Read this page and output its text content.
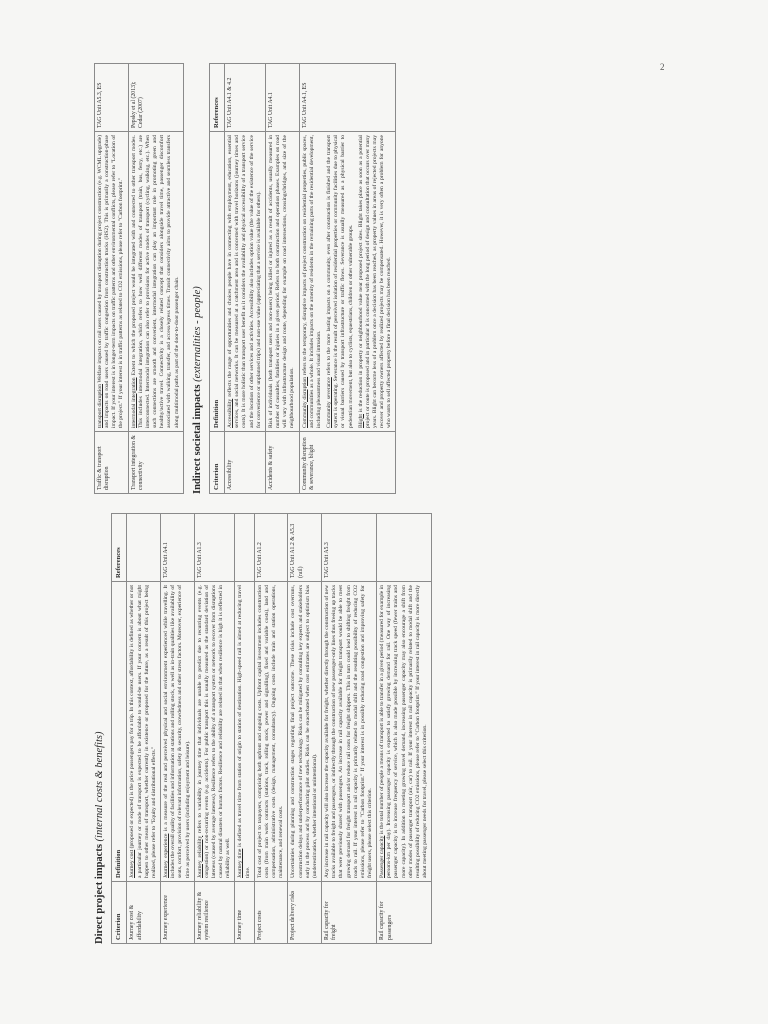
2
Direct project impacts (internal costs & benefits)
Criterion	Definition	References
Journey cost & affordability	Journey cost (proposed or expected) is the price passengers pay for a trip. In this context, affordability is defined as whether or not a particular journey or mode of transport is expected to be affordable to would-be users. If your concern is about what might happen to other means of transport, whether currently in existence or proposed for the future, as a result of this project being realized, please refer to "Equity and distributional effects."	
Journey experience	Journey experience is a measure of the real and perceived physical and social environment experienced while travelling. It includes the overall quality of facilities and information at stations and rolling stock, as well as in-train qualities like availability of seats, comfort, provision of relevant information, safety & security, crowdedness and other stress factors. Moreover, experience of time as perceived by users (including enjoyment and leisure).	TAG Unit A4.1
Journey reliability & system resilience	Journey reliability refers to variability in journey time that individuals are unable to predict due to recurring events (e.g. congestion) or non-recurring events (e.g. accidents). For public transport this is usually measured as the standard deviation of lateness (caused by average lateness). Resilience refers to the ability of a transport system or network to recover from disruptions caused by natural disasters or human factors. Resilience and reliability are related in that when resilience is high it is reflected in reliability as well.	TAG Unit A1.3
Journey time	Journey time is defined as travel time from station of origin to station of destination. High-speed rail is aimed at reducing travel time.	
Project costs	Total cost of project to taxpayers, comprising both upfront and ongoing costs. Upfront capital investment includes construction costs (from main work contracts (stations, track, rolling stock, power and signalling), fixed and variable costs), land and compensation, administrative costs (design, management, consultancy). Ongoing costs include train and station operations, maintenance, and renewal costs.	TAG Unit A1.2
Project delivery risks	Uncertainties during planning and construction stages regarding final project outcome. These risks include cost overruns, construction delays and underperformance of new technology. Risks can be mitigated by consulting key experts and stakeholders early in the process and by conducting pilot studies. Risks can be exacerbated when cost estimates are subject to optimism bias (underestimation, whether intentional or unintentional).	TAG Unit A1.2 & A5.3 (rail)
Rail capacity for freight	Any increase in rail capacity will also increase the capacity available for freight, whether directly through the construction of new tracks available to freight and passengers, or indirectly through the construction of new passenger-only lines thus freeing up tracks that were previously shared with passengers. An increase in rail capacity available for freight transport would be able to meet growing demand for freight transport and/or reduce rail costs for freight shippers. This in turn could lead to shifting freight from roads to rail. If your interest in rail capacity is primarily related to modal shift and the resulting possibility of reducing CO2 emissions, please refer to "Carbon footprint." If your interest is in possibly reducing road congestion and improving safety for freight users, please select this criterion.	TAG Unit A5.3
Rail capacity for passengers	Passenger capacity is the total number of people a means of transport is able to transfer in a given period (measured for example in persons-km per day). Increasing passenger capacity is expected to satisfy growing demand for rail. One way of increasing passenger capacity is to increase frequency of service, which is also made possible by increasing track speed (fewer trains and more capacity). In addition to meeting growing travel demand, increasing passenger capacity may also encourage a shift from other modes of passenger transport (air, car) to rail. If your interest in rail capacity is primarily related to modal shift and the resulting possibility of reducing CO2 emissions, please refer to "Carbon footprint." If your interest in rail capacity is more directly about meeting passenger needs for travel, please select this criterion.	
Traffic & transport disruption	transport disruption Welfare impacts on rail users caused by transport disruption during project construction (e.g. WCML upgrade) and impacts on road users caused by traffic congestion from construction trucks (HS2). This is primarily a construction-phase impact. If your interest is in longer-term impacts on traffic patterns and other environmental conflicts, please refer to "Location of the project." If your interest is in traffic patterns as related to CO2 emissions, please refer to "Carbon footprint."	TAG Unit A5.3, ES
Transport integration & connectivity	intermodal integration Extent to which the proposed project would be integrated with and connected to other transport modes. This includes intermodal integration, which refers to how well different modes of transport (train, bus, ferry, etc.) are interconnected. Intermodal integration can also refer to provisions for active modes of transport (cycling, walking, etc.). When such connections are smooth and convenient, intermodal integration can play an important role in promoting green and healthy/active travel. Connectivity is a closely related concept that considers alongside travel time, passenger discomfort associated with walking, transfer, and access/egress times. Transit connectivity aims to provide attractive and seamless transfers along multimodal paths as part of the door-to-door passenger chain.	Pepsky et al (2013); Cedar (2007)
Indirect societal impacts (externalities - people)
Criterion	Definition	References
Accessibility	Accessibility reflects the range of opportunities and choices people have in connecting with employment, education, essential services, and social networks. It can be measured at a catchment area and is concerned with travel horizons (journey times and costs). It is more holistic than transport user benefit as it considers the availability and physical accessibility of a transport service and the location of other services and activities. Accessibility also includes option value (the value of the existence of the service for convenience or unplanned trips) and non-use value (appreciating that a service is available for others).	TAG Unit A4.1 & 4.2
Accidents & safety	Risk of individuals (both transport users and non-users) being killed or injured as a result of accidents, usually measured in number of casualties, fatalities or injuries in a given period. Refers to both construction and operation phases. Examples on road will vary with infrastructure design and route, depending for example on road intersections, crossings/bridges, and size of the neighbourhood population.	TAG Unit A4.1
Community disruption & severance, blight	Community disruption refers to the temporary, disruptive impacts of project construction on residential properties, public spaces, and communities as a whole. It includes impacts on the amenity of residents in the remaining parts of the residential development, including pleasantness and visual intrusion. Community severance refers to the more lasting impacts on a community, even after construction is finished and the transport system is operating. Severance is the result of perceived isolation of residential properties or community facilities due to physical or visual barriers caused by transport infrastructure or traffic flows. Severance is usually measured as a physical barrier to pedestrian movement, but also to cyclists, equestrians, children or other vulnerable groups. Blight is the reduction in property or neighbourhood value near proposed project sites. Blight takes place as soon as a potential project or route is proposed and in particular it is concerned with the long period of design and consultation that occurs over many years. Blight can become less of a problem once a decision has been reached, as property values in areas of rejected projects may recover and property owners affected by realized projects may be compensated. However, it is very often a problem for anyone who wants to sell affected property before a final decision has been reached.	TAG Unit A4.1, ES
